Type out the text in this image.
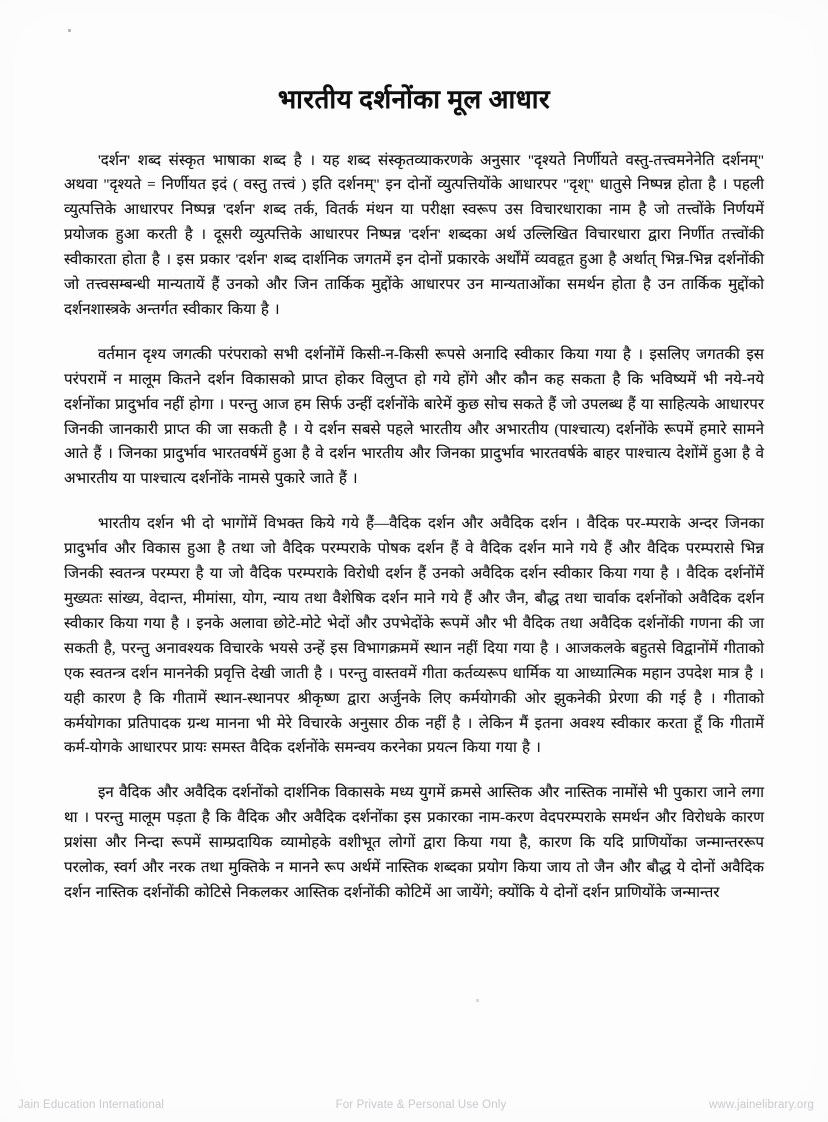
भारतीय दर्शनोंका मूल आधार

'दर्शन' शब्द संस्कृत भाषाका शब्द है । यह शब्द संस्कृतव्याकरणके अनुसार "दृश्यते निर्णीयते वस्तु-तत्त्वमनेनेति दर्शनम्" अथवा "दृश्यते = निर्णीयत इदं ( वस्तु तत्त्वं ) इति दर्शनम्" इन दोनों व्युत्पत्तियोंके आधारपर "दृश्" धातुसे निष्पन्न होता है । पहली व्युत्पत्तिके आधारपर निष्पन्न 'दर्शन' शब्द तर्क, वितर्क मंथन या परीक्षा स्वरूप उस विचारधाराका नाम है जो तत्त्वोंके निर्णयमें प्रयोजक हुआ करती है । दूसरी व्युत्पत्तिके आधारपर निष्पन्न 'दर्शन' शब्दका अर्थ उल्लिखित विचारधारा द्वारा निर्णीत तत्त्वोंकी स्वीकारता होता है । इस प्रकार 'दर्शन' शब्द दार्शनिक जगतमें इन दोनों प्रकारके अर्थोंमें व्यवहृत हुआ है अर्थात् भिन्न-भिन्न दर्शनोंकी जो तत्त्वसम्बन्धी मान्यतायें हैं उनको और जिन तार्किक मुद्दोंके आधारपर उन मान्यताओंका समर्थन होता है उन तार्किक मुद्दोंको दर्शनशास्त्रके अन्तर्गत स्वीकार किया है ।

वर्तमान दृश्य जगत्की परंपराको सभी दर्शनोंमें किसी-न-किसी रूपसे अनादि स्वीकार किया गया है । इसलिए जगतकी इस परंपरामें न मालूम कितने दर्शन विकासको प्राप्त होकर विलुप्त हो गये होंगे और कौन कह सकता है कि भविष्यमें भी नये-नये दर्शनोंका प्रादुर्भाव नहीं होगा । परन्तु आज हम सिर्फ उन्हीं दर्शनोंके बारेमें कुछ सोच सकते हैं जो उपलब्ध हैं या साहित्यके आधारपर जिनकी जानकारी प्राप्त की जा सकती है । ये दर्शन सबसे पहले भारतीय और अभारतीय (पाश्चात्य) दर्शनोंके रूपमें हमारे सामने आते हैं । जिनका प्रादुर्भाव भारतवर्षमें हुआ है वे दर्शन भारतीय और जिनका प्रादुर्भाव भारतवर्षके बाहर पाश्चात्य देशोंमें हुआ है वे अभारतीय या पाश्चात्य दर्शनोंके नामसे पुकारे जाते हैं ।

भारतीय दर्शन भी दो भागोंमें विभक्त किये गये हैं—वैदिक दर्शन और अवैदिक दर्शन । वैदिक पर-म्पराके अन्दर जिनका प्रादुर्भाव और विकास हुआ है तथा जो वैदिक परम्पराके पोषक दर्शन हैं वे वैदिक दर्शन माने गये हैं और वैदिक परम्परासे भिन्न जिनकी स्वतन्त्र परम्परा है या जो वैदिक परम्पराके विरोधी दर्शन हैं उनको अवैदिक दर्शन स्वीकार किया गया है । वैदिक दर्शनोंमें मुख्यतः सांख्य, वेदान्त, मीमांसा, योग, न्याय तथा वैशेषिक दर्शन माने गये हैं और जैन, बौद्ध तथा चार्वाक दर्शनोंको अवैदिक दर्शन स्वीकार किया गया है । इनके अलावा छोटे-मोटे भेदों और उपभेदोंके रूपमें और भी वैदिक तथा अवैदिक दर्शनोंकी गणना की जा सकती है, परन्तु अनावश्यक विचारके भयसे उन्हें इस विभागक्रममें स्थान नहीं दिया गया है । आजकलके बहुतसे विद्वानोंमें गीताको एक स्वतन्त्र दर्शन माननेकी प्रवृत्ति देखी जाती है । परन्तु वास्तवमें गीता कर्तव्यरूप धार्मिक या आध्यात्मिक महान उपदेश मात्र है । यही कारण है कि गीतामें स्थान-स्थानपर श्रीकृष्ण द्वारा अर्जुनके लिए कर्मयोगकी ओर झुकनेकी प्रेरणा की गई है । गीताको कर्मयोगका प्रतिपादक ग्रन्थ मानना भी मेरे विचारके अनुसार ठीक नहीं है । लेकिन मैं इतना अवश्य स्वीकार करता हूँ कि गीतामें कर्म-योगके आधारपर प्रायः समस्त वैदिक दर्शनोंके समन्वय करनेका प्रयत्न किया गया है ।

इन वैदिक और अवैदिक दर्शनोंको दार्शनिक विकासके मध्य युगमें क्रमसे आस्तिक और नास्तिक नामोंसे भी पुकारा जाने लगा था । परन्तु मालूम पड़ता है कि वैदिक और अवैदिक दर्शनोंका इस प्रकारका नाम-करण वेदपरम्पराके समर्थन और विरोधके कारण प्रशंसा और निन्दा रूपमें साम्प्रदायिक व्यामोहके वशीभूत लोगों द्वारा किया गया है, कारण कि यदि प्राणियोंका जन्मान्तररूप परलोक, स्वर्ग और नरक तथा मुक्तिके न माननेे रूप अर्थमें नास्तिक शब्दका प्रयोग किया जाय तो जैन और बौद्ध ये दोनों अवैदिक दर्शन नास्तिक दर्शनोंकी कोटिसे निकलकर आस्तिक दर्शनोंकी कोटिमें आ जायेंगे; क्योंकि ये दोनों दर्शन प्राणियोंके जन्मान्तर

Jain Education International	For Private & Personal Use Only	www.jainelibrary.org
